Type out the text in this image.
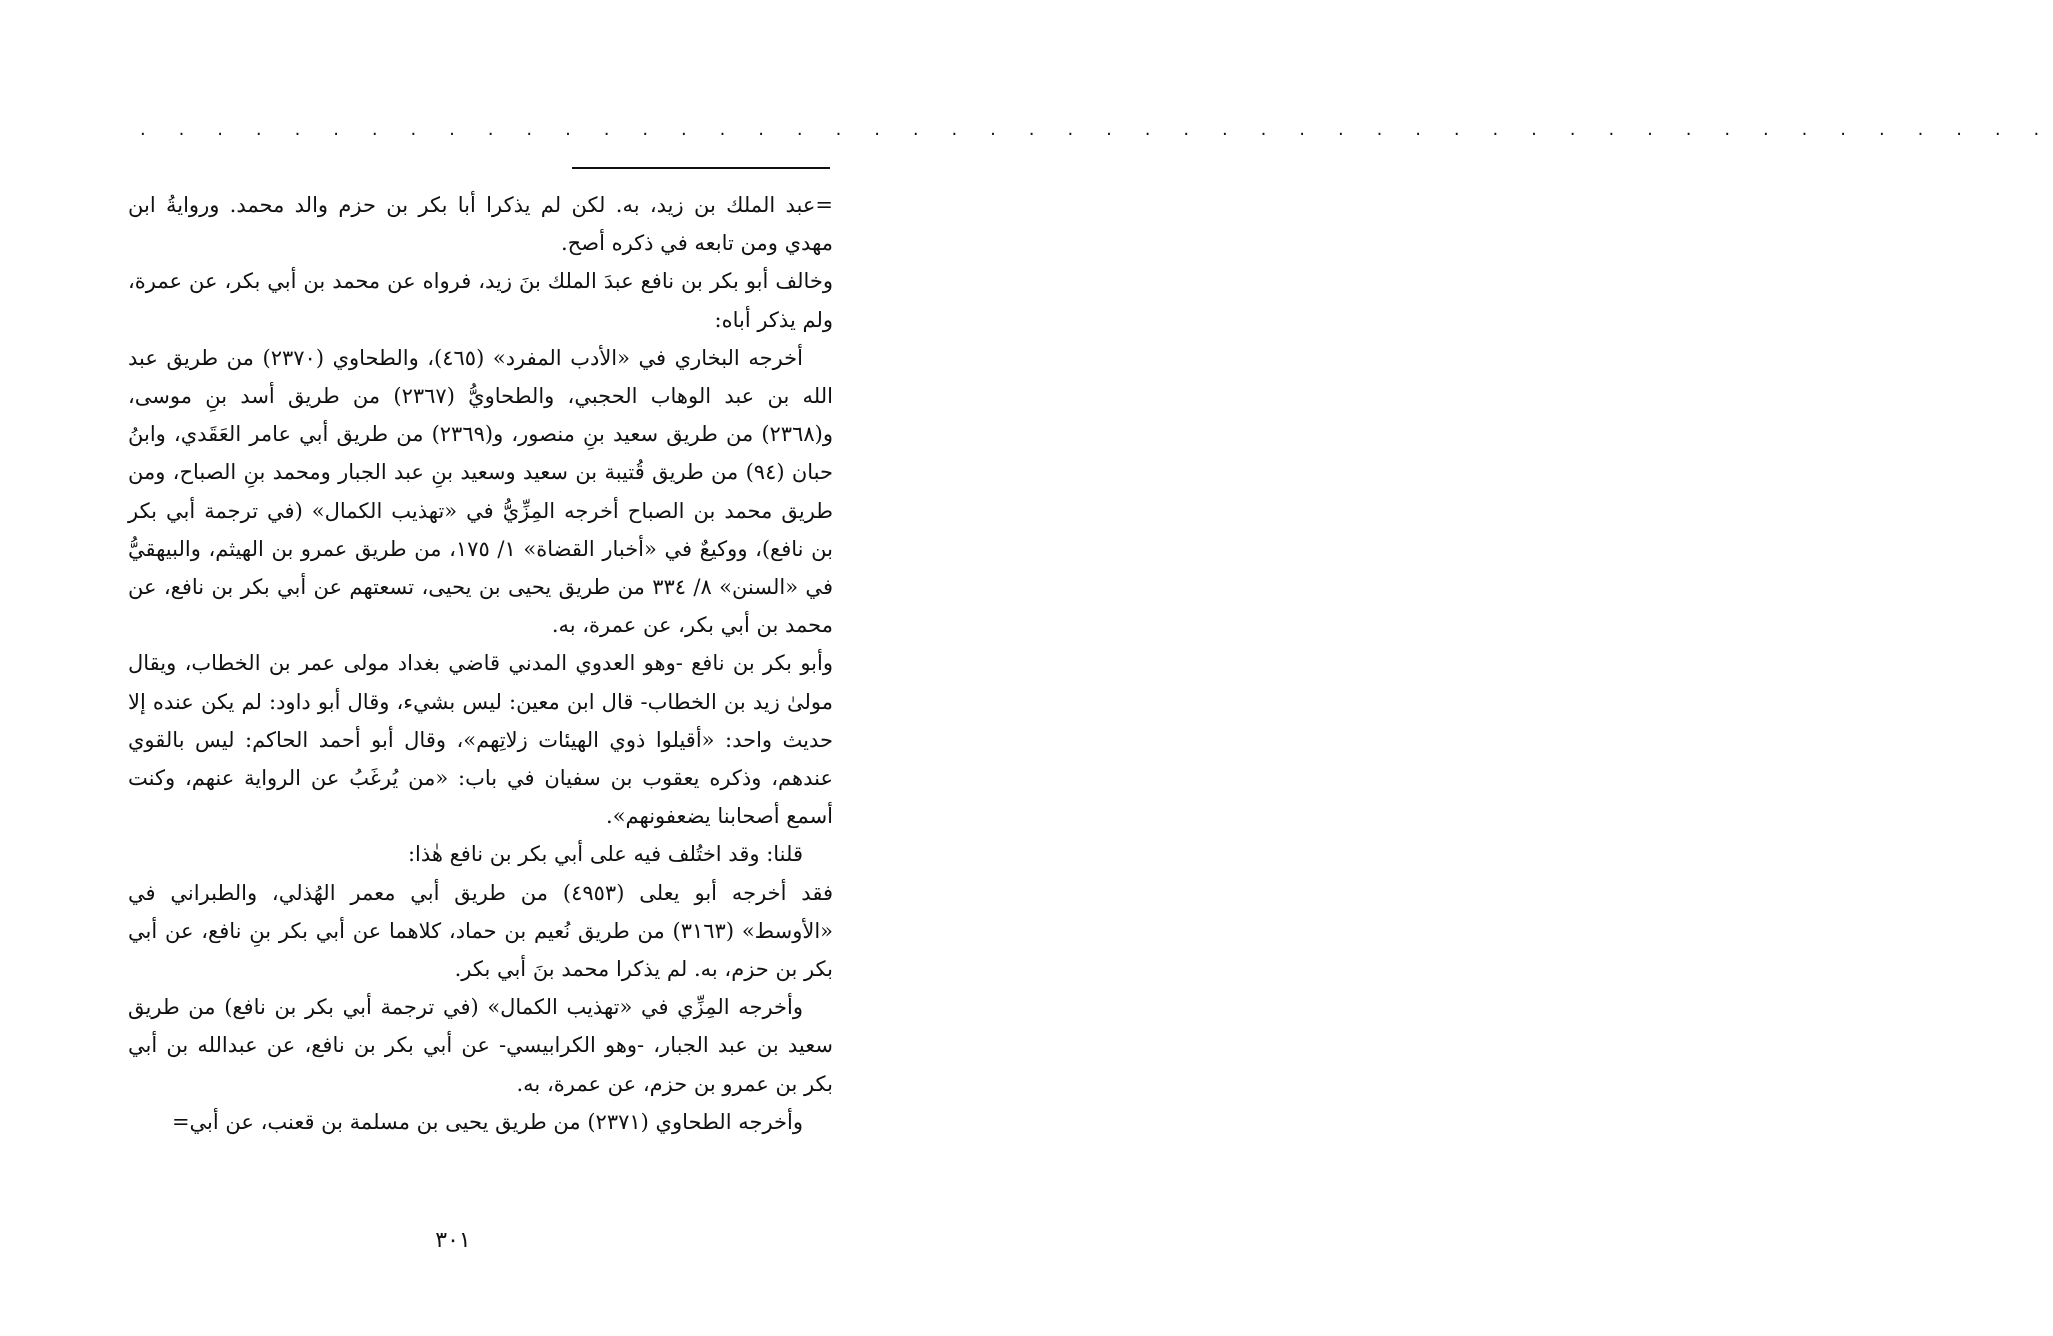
. . . . . . . . . . . . . . . . . . . . . . . . . . . . . . . . . . . . . . . . . . . . . . . . . .

=عبد الملك بن زيد، به. لكن لم يذكرا أبا بكر بن حزم والد محمد. وروايةُ ابن مهدي ومن تابعه في ذكره أصح.

وخالف أبو بكر بن نافع عبدَ الملك بنَ زيد، فرواه عن محمد بن أبي بكر، عن عمرة، ولم يذكر أباه:

أخرجه البخاري في «الأدب المفرد» (٤٦٥)، والطحاوي (٢٣٧٠) من طريق عبد الله بن عبد الوهاب الحجبي، والطحاويُّ (٢٣٦٧) من طريق أسد بنِ موسى، و(٢٣٦٨) من طريق سعيد بنِ منصور، و(٢٣٦٩) من طريق أبي عامر العَقَدي، وابنُ حبان (٩٤) من طريق قُتيبة بن سعيد وسعيد بنِ عبد الجبار ومحمد بنِ الصباح، ومن طريق محمد بن الصباح أخرجه المِزِّيُّ في «تهذيب الكمال» (في ترجمة أبي بكر بن نافع)، ووكيعٌ في «أخبار القضاة» ١/ ١٧٥، من طريق عمرو بن الهيثم، والبيهقيُّ في «السنن» ٨/ ٣٣٤ من طريق يحيى بن يحيى، تسعتهم عن أبي بكر بن نافع، عن محمد بن أبي بكر، عن عمرة، به.

وأبو بكر بن نافع -وهو العدوي المدني قاضي بغداد مولى عمر بن الخطاب، ويقال مولىٰ زيد بن الخطاب- قال ابن معين: ليس بشيء، وقال أبو داود: لم يكن عنده إلا حديث واحد: «أقيلوا ذوي الهيئات زلاتِهم»، وقال أبو أحمد الحاكم: ليس بالقوي عندهم، وذكره يعقوب بن سفيان في باب: «من يُرغَبُ عن الرواية عنهم، وكنت أسمع أصحابنا يضعفونهم».

قلنا: وقد اختُلف فيه على أبي بكر بن نافع هٰذا:

فقد أخرجه أبو يعلى (٤٩٥٣) من طريق أبي معمر الهُذلي، والطبراني في «الأوسط» (٣١٦٣) من طريق نُعيم بن حماد، كلاهما عن أبي بكر بنِ نافع، عن أبي بكر بن حزم، به. لم يذكرا محمد بنَ أبي بكر.

وأخرجه المِزِّي في «تهذيب الكمال» (في ترجمة أبي بكر بن نافع) من طريق سعيد بن عبد الجبار، -وهو الكرابيسي- عن أبي بكر بن نافع، عن عبدالله بن أبي بكر بن عمرو بن حزم، عن عمرة، به.

وأخرجه الطحاوي (٢٣٧١) من طريق يحيى بن مسلمة بن قعنب، عن أبي=

٣٠١
